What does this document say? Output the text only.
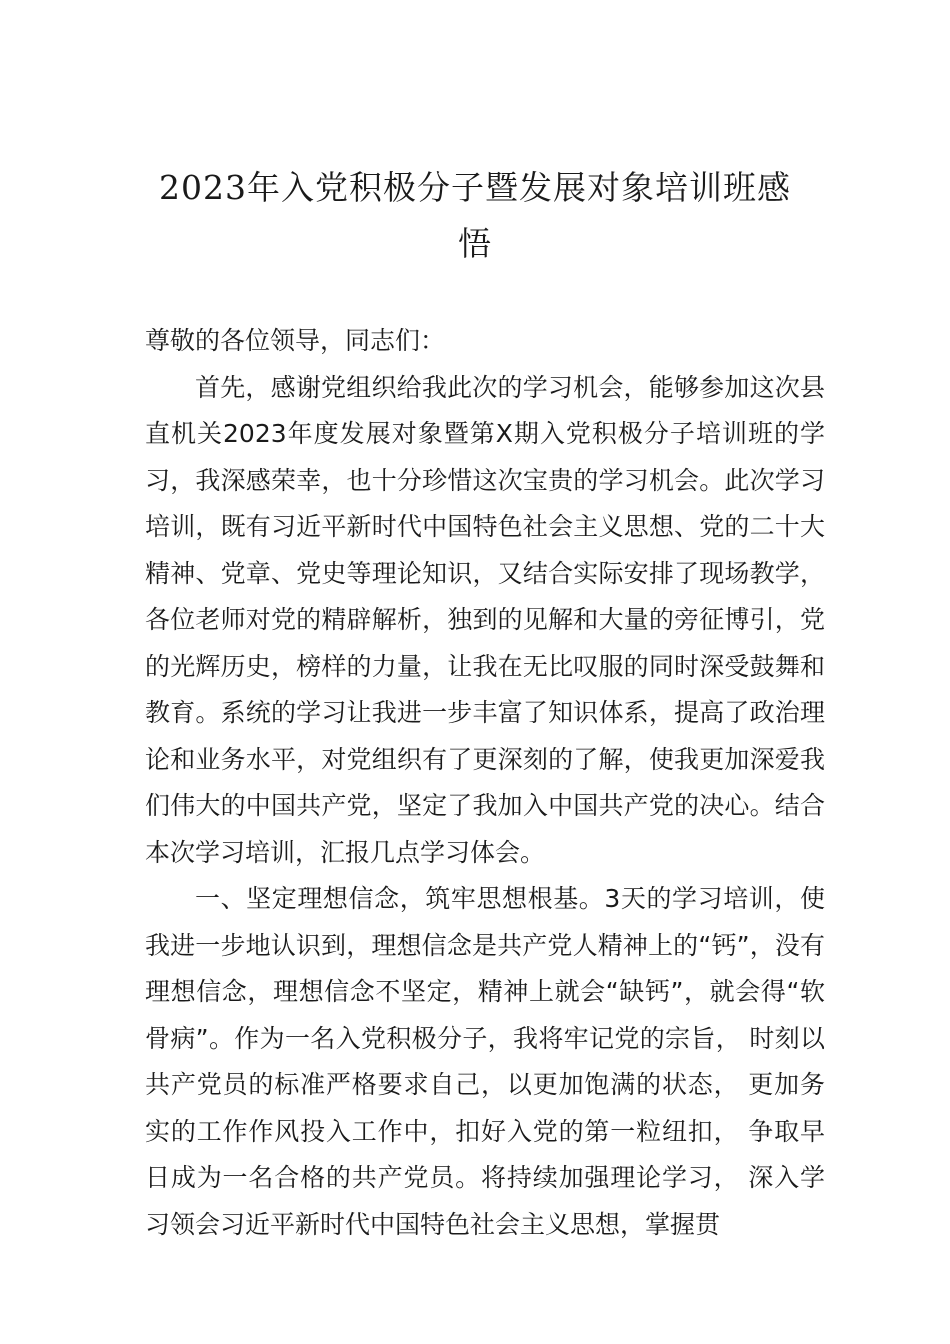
2023年入党积极分子暨发展对象培训班感悟

尊敬的各位领导，同志们：

首先，感谢党组织给我此次的学习机会，能够参加这次县直机关2023年度发展对象暨第X期入党积极分子培训班的学习，我深感荣幸，也十分珍惜这次宝贵的学习机会。此次学习培训，既有习近平新时代中国特色社会主义思想、党的二十大精神、党章、党史等理论知识，又结合实际安排了现场教学，各位老师对党的精辟解析，独到的见解和大量的旁征博引，党的光辉历史，榜样的力量，让我在无比叹服的同时深受鼓舞和教育。系统的学习让我进一步丰富了知识体系，提高了政治理论和业务水平，对党组织有了更深刻的了解，使我更加深爱我们伟大的中国共产党，坚定了我加入中国共产党的决心。结合本次学习培训，汇报几点学习体会。

一、坚定理想信念，筑牢思想根基。3天的学习培训，使我进一步地认识到，理想信念是共产党人精神上的“钙”，没有理想信念，理想信念不坚定，精神上就会“缺钙”，就会得“软骨病”。作为一名入党积极分子，我将牢记党的宗旨， 时刻以共产党员的标准严格要求自己，以更加饱满的状态， 更加务实的工作作风投入工作中，扣好入党的第一粒纽扣， 争取早日成为一名合格的共产党员。将持续加强理论学习， 深入学习领会习近平新时代中国特色社会主义思想，掌握贯
